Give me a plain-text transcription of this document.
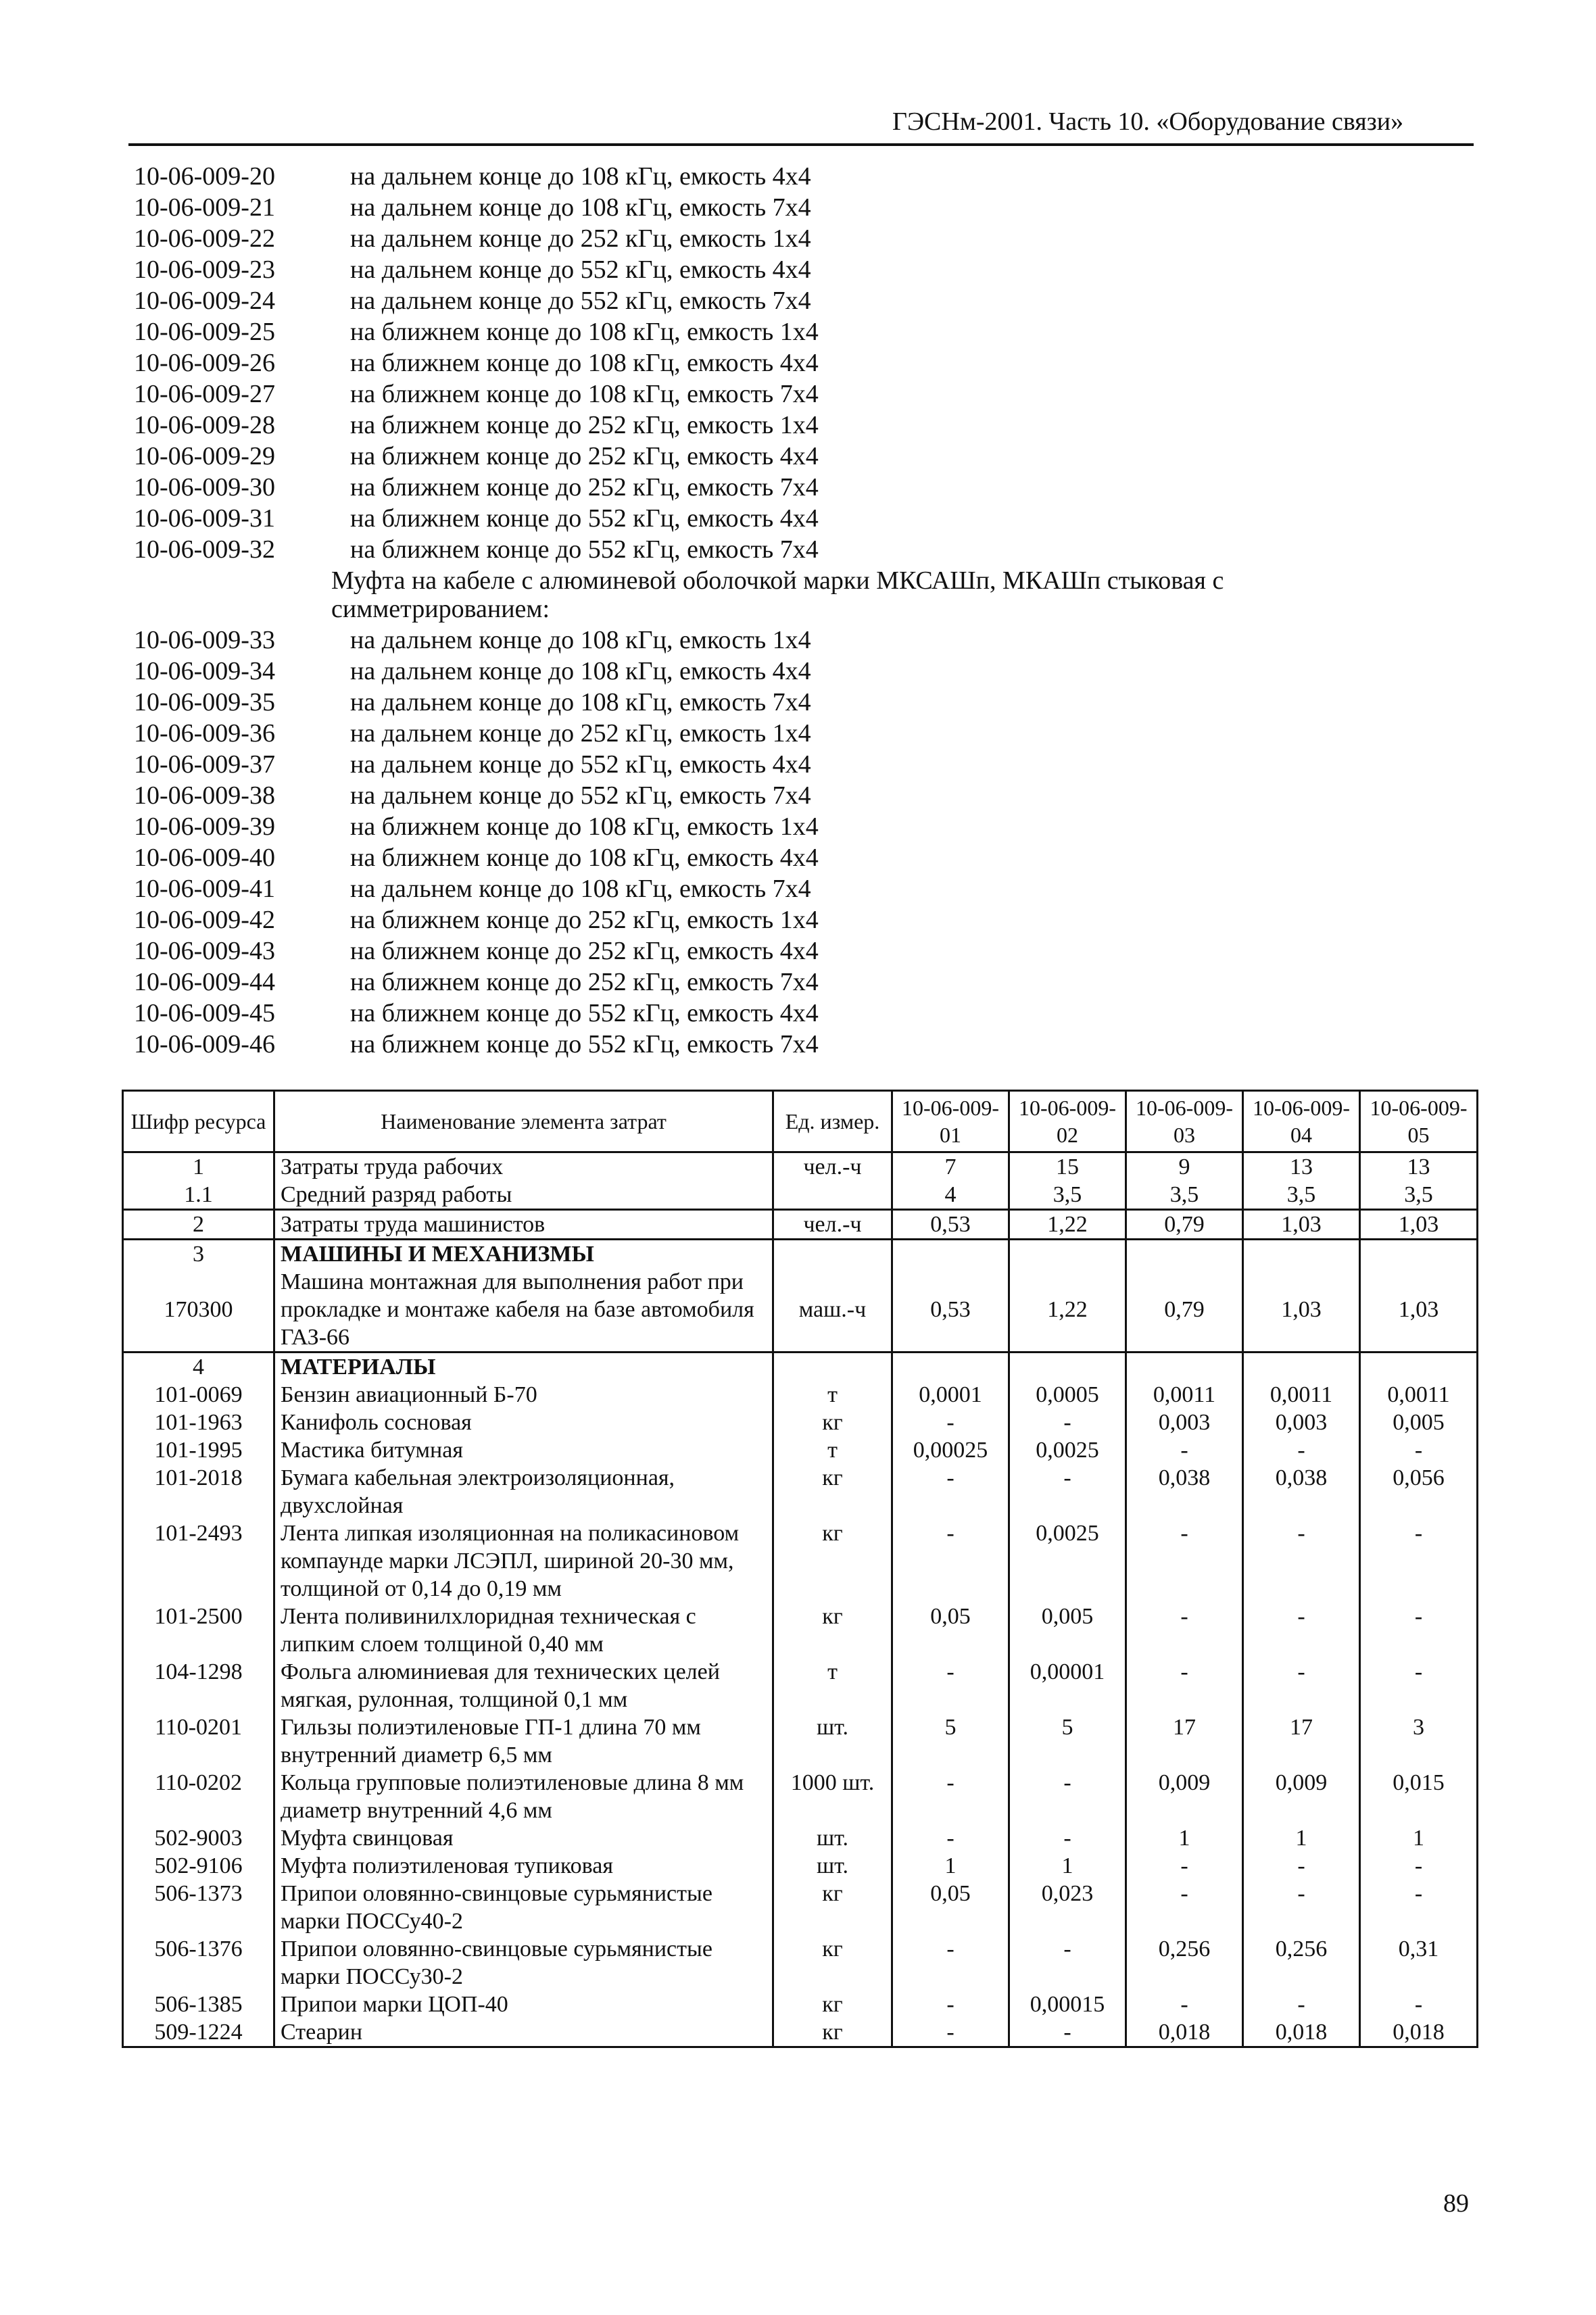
ГЭСНм-2001. Часть 10. «Оборудование связи»
10-06-009-20	на дальнем конце до 108 кГц, емкость 4х4
10-06-009-21	на дальнем конце до 108 кГц, емкость 7х4
10-06-009-22	на дальнем конце до 252 кГц, емкость 1х4
10-06-009-23	на дальнем конце до 552 кГц, емкость 4х4
10-06-009-24	на дальнем конце до 552 кГц, емкость 7х4
10-06-009-25	на ближнем конце до 108 кГц, емкость 1х4
10-06-009-26	на ближнем конце до 108 кГц, емкость 4х4
10-06-009-27	на ближнем конце до 108 кГц, емкость 7х4
10-06-009-28	на ближнем конце до 252 кГц, емкость 1х4
10-06-009-29	на ближнем конце до 252 кГц, емкость 4х4
10-06-009-30	на ближнем конце до 252 кГц, емкость 7х4
10-06-009-31	на ближнем конце до 552 кГц, емкость 4х4
10-06-009-32	на ближнем конце до 552 кГц, емкость 7х4
Муфта на кабеле с алюминевой оболочкой марки МКСАШп, МКАШп стыковая с
симметрированием:
10-06-009-33	на дальнем конце до 108 кГц, емкость 1х4
10-06-009-34	на дальнем конце до 108 кГц, емкость 4х4
10-06-009-35	на дальнем конце до 108 кГц, емкость 7х4
10-06-009-36	на дальнем конце до 252 кГц, емкость 1х4
10-06-009-37	на дальнем конце до 552 кГц, емкость 4х4
10-06-009-38	на дальнем конце до 552 кГц, емкость 7х4
10-06-009-39	на ближнем конце до 108 кГц, емкость 1х4
10-06-009-40	на ближнем конце до 108 кГц, емкость 4х4
10-06-009-41	на дальнем конце до 108 кГц, емкость 7х4
10-06-009-42	на ближнем конце до 252 кГц, емкость 1х4
10-06-009-43	на ближнем конце до 252 кГц, емкость 4х4
10-06-009-44	на ближнем конце до 252 кГц, емкость 7х4
10-06-009-45	на ближнем конце до 552 кГц, емкость 4х4
10-06-009-46	на ближнем конце до 552 кГц, емкость 7х4
Шифр ресурса	Наименование элемента затрат	Ед. измер.	10-06-009-01	10-06-009-02	10-06-009-03	10-06-009-04	10-06-009-05
1	Затраты труда рабочих	чел.-ч	7	15	9	13	13
1.1	Средний разряд работы		4	3,5	3,5	3,5	3,5
2	Затраты труда машинистов	чел.-ч	0,53	1,22	0,79	1,03	1,03
3	МАШИНЫ И МЕХАНИЗМЫ						
170300	Машина монтажная для выполнения работ при прокладке и монтаже кабеля на базе автомобиля ГАЗ-66	маш.-ч	0,53	1,22	0,79	1,03	1,03
4	МАТЕРИАЛЫ						
101-0069	Бензин авиационный Б-70	т	0,0001	0,0005	0,0011	0,0011	0,0011
101-1963	Канифоль сосновая	кг	-	-	0,003	0,003	0,005
101-1995	Мастика битумная	т	0,00025	0,0025	-	-	-
101-2018	Бумага кабельная электроизоляционная, двухслойная	кг	-	-	0,038	0,038	0,056
101-2493	Лента липкая изоляционная на поликасиновом компаунде марки ЛСЭПЛ, шириной 20-30 мм, толщиной от 0,14 до 0,19 мм	кг	-	0,0025	-	-	-
101-2500	Лента поливинилхлоридная техническая с липким слоем толщиной 0,40 мм	кг	0,05	0,005	-	-	-
104-1298	Фольга алюминиевая для технических целей мягкая, рулонная, толщиной 0,1 мм	т	-	0,00001	-	-	-
110-0201	Гильзы полиэтиленовые ГП-1 длина 70 мм внутренний диаметр 6,5 мм	шт.	5	5	17	17	3
110-0202	Кольца групповые полиэтиленовые длина 8 мм диаметр внутренний 4,6 мм	1000 шт.	-	-	0,009	0,009	0,015
502-9003	Муфта свинцовая	шт.	-	-	1	1	1
502-9106	Муфта полиэтиленовая тупиковая	шт.	1	1	-	-	-
506-1373	Припои оловянно-свинцовые сурьмянистые марки ПОССу40-2	кг	0,05	0,023	-	-	-
506-1376	Припои оловянно-свинцовые сурьмянистые марки ПОССу30-2	кг	-	-	0,256	0,256	0,31
506-1385	Припои марки ЦОП-40	кг	-	0,00015	-	-	-
509-1224	Стеарин	кг	-	-	0,018	0,018	0,018
89
